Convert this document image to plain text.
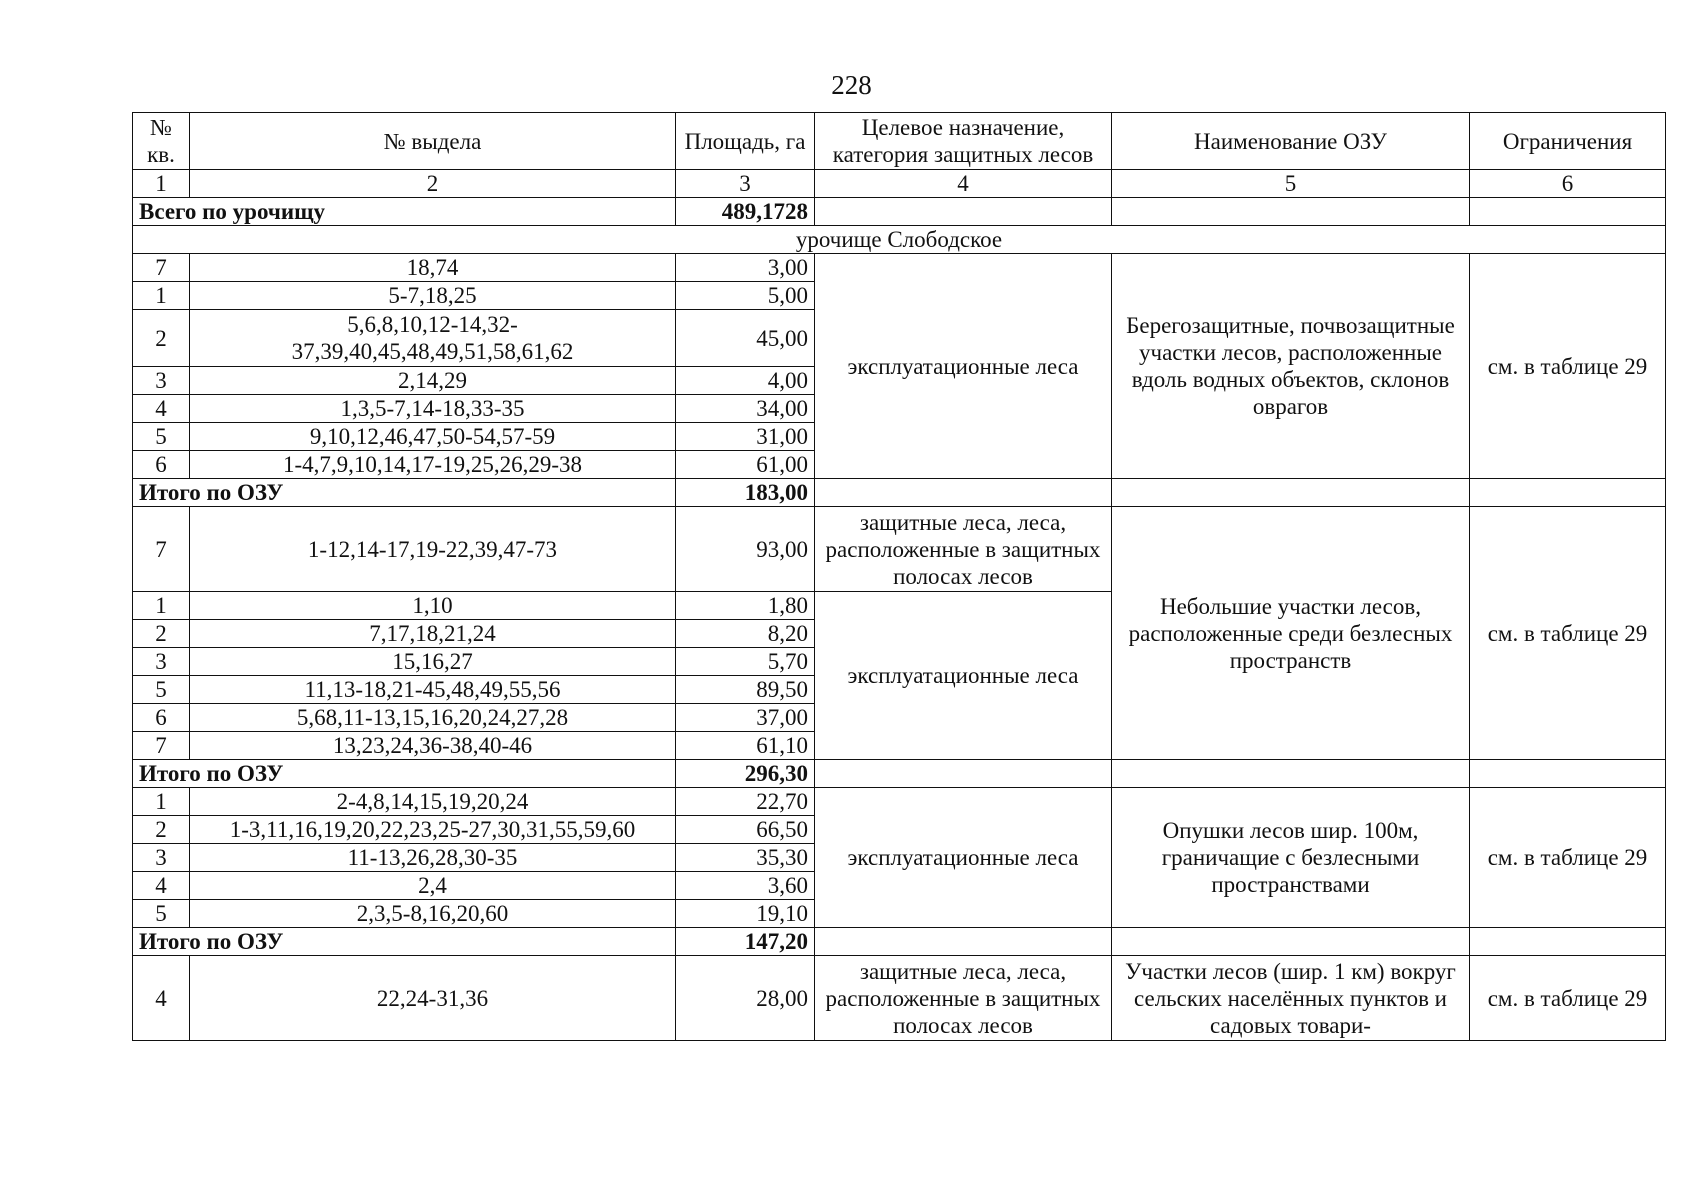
228
№ кв.	№ выдела	Площадь, га	Целевое назначение, категория защитных лесов	Наименование ОЗУ	Ограничения
1	2	3	4	5	6
Всего по урочищу		489,1728			
урочище Слободское					
7	18,74	3,00	эксплуатационные леса	Берегозащитные, почвозащитные участки лесов, расположенные вдоль водных объектов, склонов оврагов	см. в таблице 29
1	5-7,18,25	5,00			
2	5,6,8,10,12-14,32-37,39,40,45,48,49,51,58,61,62	45,00			
3	2,14,29	4,00			
4	1,3,5-7,14-18,33-35	34,00			
5	9,10,12,46,47,50-54,57-59	31,00			
6	1-4,7,9,10,14,17-19,25,26,29-38	61,00			
Итого по ОЗУ		183,00			
7	1-12,14-17,19-22,39,47-73	93,00	защитные леса, леса, расположенные в защитных полосах лесов	Небольшие участки лесов, расположенные среди безлесных пространств	см. в таблице 29
1	1,10	1,80	эксплуатационные леса		
2	7,17,18,21,24	8,20			
3	15,16,27	5,70			
5	11,13-18,21-45,48,49,55,56	89,50			
6	5,68,11-13,15,16,20,24,27,28	37,00			
7	13,23,24,36-38,40-46	61,10			
Итого по ОЗУ		296,30			
1	2-4,8,14,15,19,20,24	22,70	эксплуатационные леса	Опушки лесов шир. 100м, граничащие с безлесными пространствами	см. в таблице 29
2	1-3,11,16,19,20,22,23,25-27,30,31,55,59,60	66,50			
3	11-13,26,28,30-35	35,30			
4	2,4	3,60			
5	2,3,5-8,16,20,60	19,10			
Итого по ОЗУ		147,20			
4	22,24-31,36	28,00	защитные леса, леса, расположенные в защитных полосах лесов	Участки лесов (шир. 1 км) вокруг сельских населённых пунктов и садовых товари-	см. в таблице 29
